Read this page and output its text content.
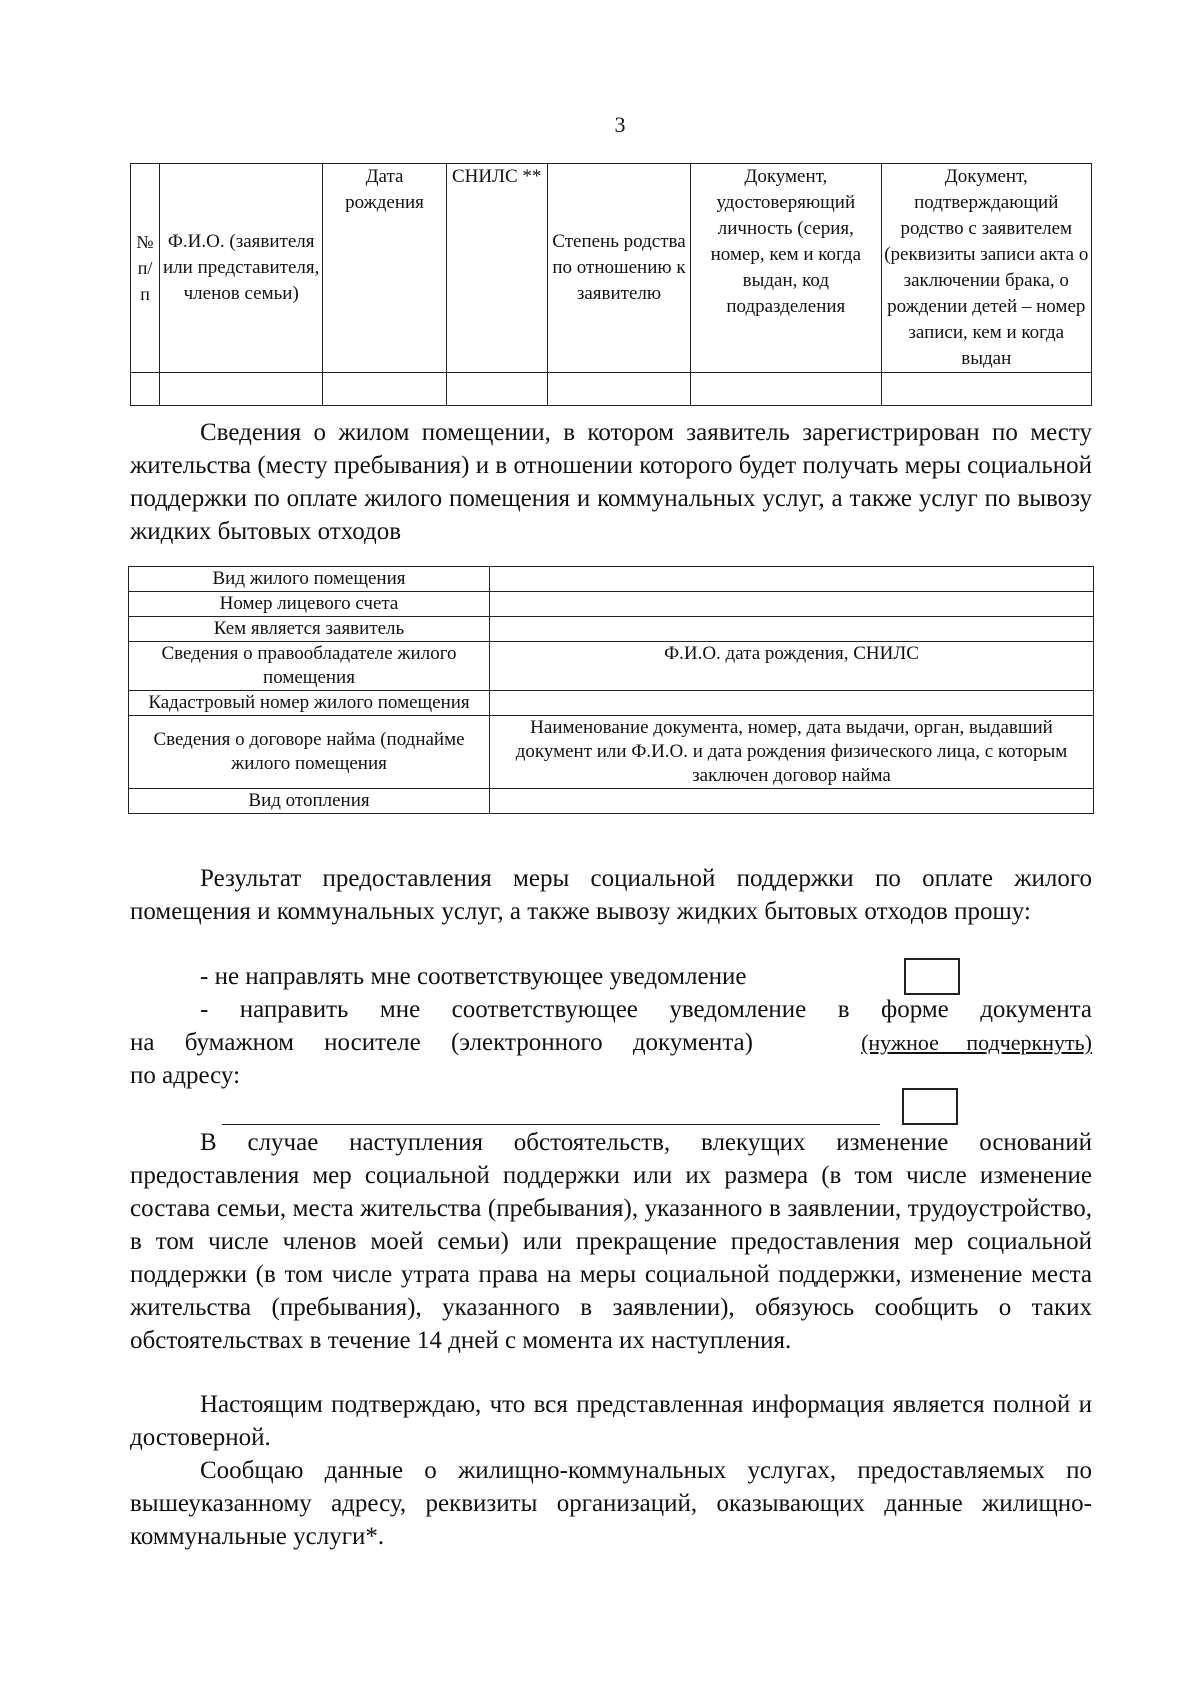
3
№ п/п	Ф.И.О. (заявителя или представителя, членов семьи)	Дата рождения	СНИЛС **	Степень родства по отношению к заявителю	Документ, удостоверяющий личность (серия, номер, кем и когда выдан, код подразделения	Документ, подтверждающий родство с заявителем (реквизиты записи акта о заключении брака, о рождении детей – номер записи, кем и когда выдан

Сведения о жилом помещении, в котором заявитель зарегистрирован по месту жительства (месту пребывания) и в отношении которого будет получать меры социальной поддержки по оплате жилого помещения и коммунальных услуг, а также услуг по вывозу жидких бытовых отходов

Вид жилого помещения	
Номер лицевого счета	
Кем является заявитель	
Сведения о правообладателе жилого помещения	Ф.И.О. дата рождения, СНИЛС
Кадастровый номер жилого помещения	
Сведения о договоре найма (поднайме жилого помещения	Наименование документа, номер, дата выдачи, орган, выдавший документ или Ф.И.О. и дата рождения физического лица, с которым заключен договор найма
Вид отопления	

Результат предоставления меры социальной поддержки по оплате жилого помещения и коммунальных услуг, а также вывозу жидких бытовых отходов прошу:

- не направлять мне соответствующее уведомление

- направить мне соответствующее уведомление в форме документа

на бумажном носителе (электронного документа)	(нужное подчеркнуть)

по адресу:

В случае наступления обстоятельств, влекущих изменение оснований предоставления мер социальной поддержки или их размера (в том числе изменение состава семьи, места жительства (пребывания), указанного в заявлении, трудоустройство, в том числе членов моей семьи) или прекращение предоставления мер социальной поддержки (в том числе утрата права на меры социальной поддержки, изменение места жительства (пребывания), указанного в заявлении), обязуюсь сообщить о таких обстоятельствах в течение 14 дней с момента их наступления.

Настоящим подтверждаю, что вся представленная информация является полной и достоверной.

Сообщаю данные о жилищно-коммунальных услугах, предоставляемых по вышеуказанному адресу, реквизиты организаций, оказывающих данные жилищно-коммунальные услуги*.
